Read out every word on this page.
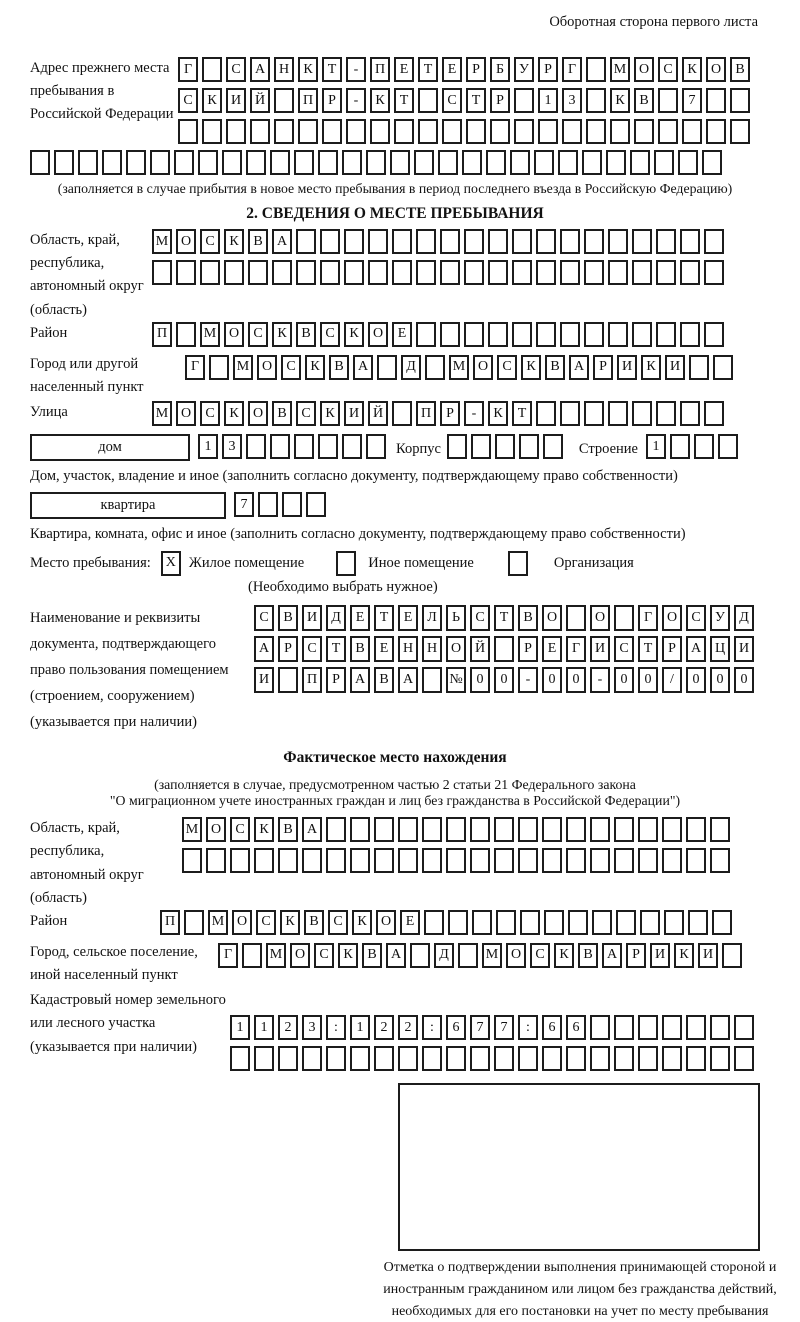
Оборотная сторона первого листа
Адрес прежнего места пребывания в Российской Федерации
Г	С	А Н	К	Т	-	П	Е	Т	Е	Р	Б	У	Р	Г	М О	С	К	О	В
С	К	И Й	П	Р	-	К	Т	С	Т	Р	1	3	К	В	7
(заполняется в случае прибытия в новое место пребывания в период последнего въезда в Российскую Федерацию)
2. СВЕДЕНИЯ О МЕСТЕ ПРЕБЫВАНИЯ
Область, край, республика, автономный округ (область)
М О	С	К	В	А
Район	П	М О	С	К	В	С	К	О	Е
Город или другой населенный пункт
Г	М О	С	К	В	А	Д	М О	С	К	В	А	Р	И	К	И
Улица	М О	С	К	О	В	С	К	И Й	П	Р	-	К	Т
дом	1	3	Корпус	Строение	1
Дом, участок, владение и иное (заполнить согласно документу, подтверждающему право собственности)
квартира	7
Квартира, комната, офис и иное (заполнить согласно документу, подтверждающему право собственности)
Место пребывания:	X Жилое помещение	Иное помещение	Организация
(Необходимо выбрать нужное)
Наименование и реквизиты документа, подтверждающего право пользования помещением (строением, сооружением) (указывается при наличии)
С	В	И	Д	Е	Т	Е	Л	Ь	С	Т	В	О	О	Г	О	С	У	Д
А	Р	С	Т	В	Е	Н Н О Й	Р	Е	Г	И	С	Т	Р	А Ц И
И	П	Р	А	В	А	№ 0	0	-	0	0	-	0	0	/	0	0	0
Фактическое место нахождения
(заполняется в случае, предусмотренном частью 2 статьи 21 Федерального закона
"О миграционном учете иностранных граждан и лиц без гражданства в Российской Федерации")
Область, край, республика, автономный округ (область)
М О	С	К	В	А
Район	П	М О	С	К	В	С	К	О	Е
Город, сельское поселение, иной населенный пункт
Г	М О	С	К	В	А	Д	М О	С	К	В	А	Р	И	К	И
Кадастровый номер земельного или лесного участка (указывается при наличии)
1	1	2	3	:	1	2	2	:	6	7	7	:	6	6
Отметка о подтверждении выполнения принимающей стороной и иностранным гражданином или лицом без гражданства действий, необходимых для его постановки на учет по месту пребывания
